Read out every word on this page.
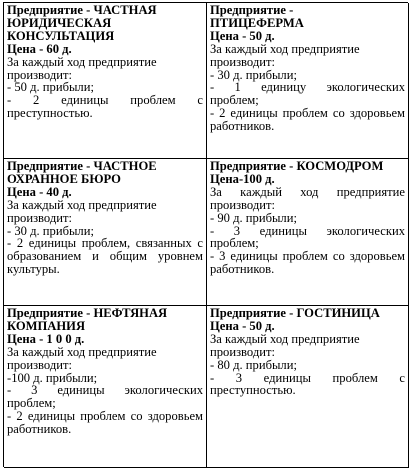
Предприятие - ЧАСТНАЯ ЮРИДИЧЕСКАЯ КОНСУЛЬТАЦИЯ
Цена - 60 д.
За каждый ход предприятие производит:
- 50 д. прибыли;
- 2 единицы проблем с преступностью.
Предприятие - ПТИЦЕФЕРМА
Цена - 50 д.
За каждый ход предприятие производит:
- 30 д. прибыли;
- 1 единицу экологических проблем;
- 2 единицы проблем со здоровьем работников.
Предприятие - ЧАСТНОЕ ОХРАННОЕ БЮРО
Цена - 40 д.
За каждый ход предприятие производит:
- 30 д. прибыли;
- 2 единицы проблем, связанных с образованием и общим уровнем культуры.
Предприятие - КОСМОДРОМ
Цена-100 д.
За каждый ход предприятие производит:
- 90 д. прибыли;
- 3 единицы экологических проблем;
- 3 единицы проблем со здоровьем работников.
Предприятие - НЕФТЯНАЯ КОМПАНИЯ
Цена - 1 0 0 д.
За каждый ход предприятие производит:
-100 д. прибыли;
- 3 единицы экологических проблем;
- 2 единицы проблем со здоровьем работников.
Предприятие - ГОСТИНИЦА
Цена - 50 д.
За каждый ход предприятие производит:
- 80 д. прибыли;
- 3 единицы проблем с преступностью.
